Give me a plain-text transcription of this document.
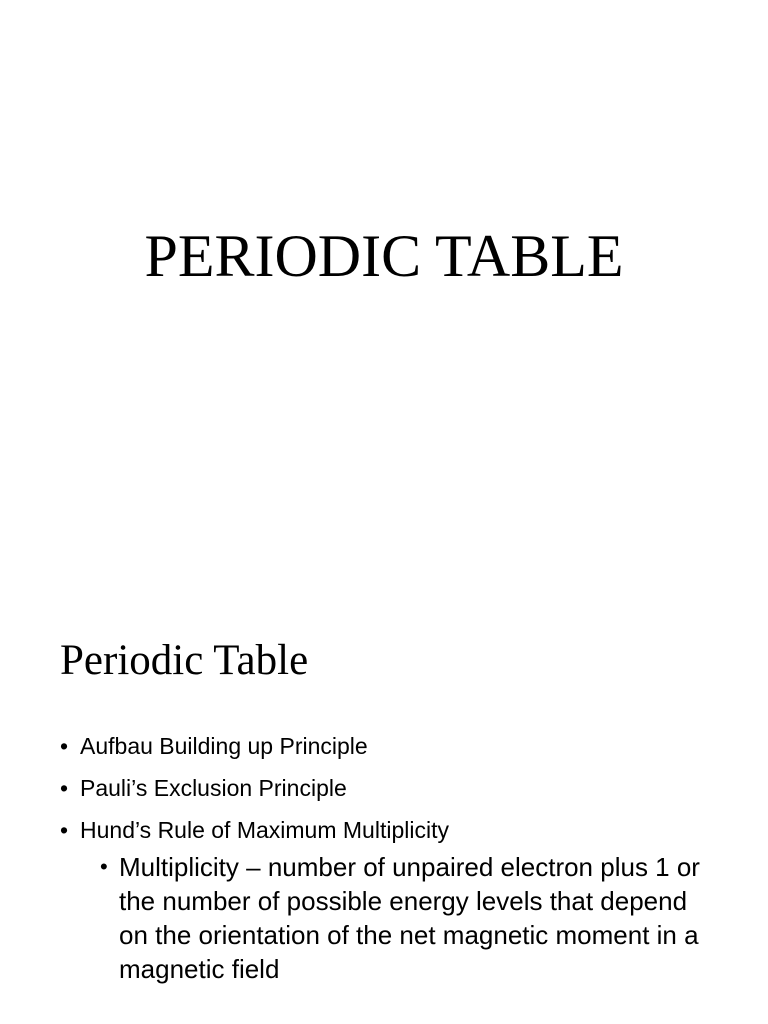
PERIODIC TABLE
Periodic Table
• Aufbau Building up Principle
• Pauli’s Exclusion Principle
• Hund’s Rule of Maximum Multiplicity
• Multiplicity – number of unpaired electron plus 1 or the number of possible energy levels that depend on the orientation of the net magnetic moment in a magnetic field
